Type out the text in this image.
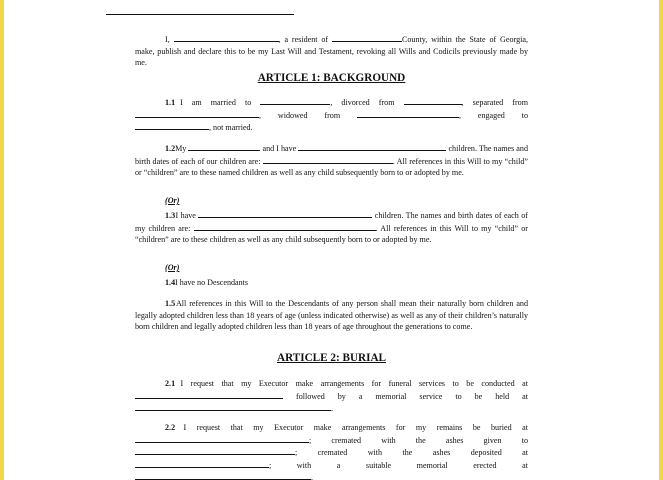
I,	, a resident of	County, within the State of Georgia, make, publish and declare this to be my Last Will and Testament, revoking all Wills and Codicils previously made by me.

ARTICLE 1: BACKGROUND

1.1 I am married to	, divorced from	, separated from , widowed from	, engaged to , not married.

1.2 My	and I have	children. The names and birth dates of each of our children are:	. All references in this Will to my “child” or “children” are to these named children as well as any child subsequently born to or adopted by me.

(Or)

1.3 I have	children. The names and birth dates of each of my children are:	. All references in this Will to my “child” or “children” are to these children as well as any child subsequently born to or adopted by me.

(Or)

1.4 I have no Descendants

1.5 All references in this Will to the Descendants of any person shall mean their naturally born children and legally adopted children less than 18 years of age (unless indicated otherwise) as well as any of their children’s naturally born children and legally adopted children less than 18 years of age throughout the generations to come.

ARTICLE 2: BURIAL

2.1 I request that my Executor make arrangements for funeral services to be conducted at  followed by a memorial service to be held at .

2.2 I request that my Executor make arrangements for my remains be buried at ; cremated with the ashes given to ; cremated with the ashes deposited at ; with a suitable memorial erected at .
